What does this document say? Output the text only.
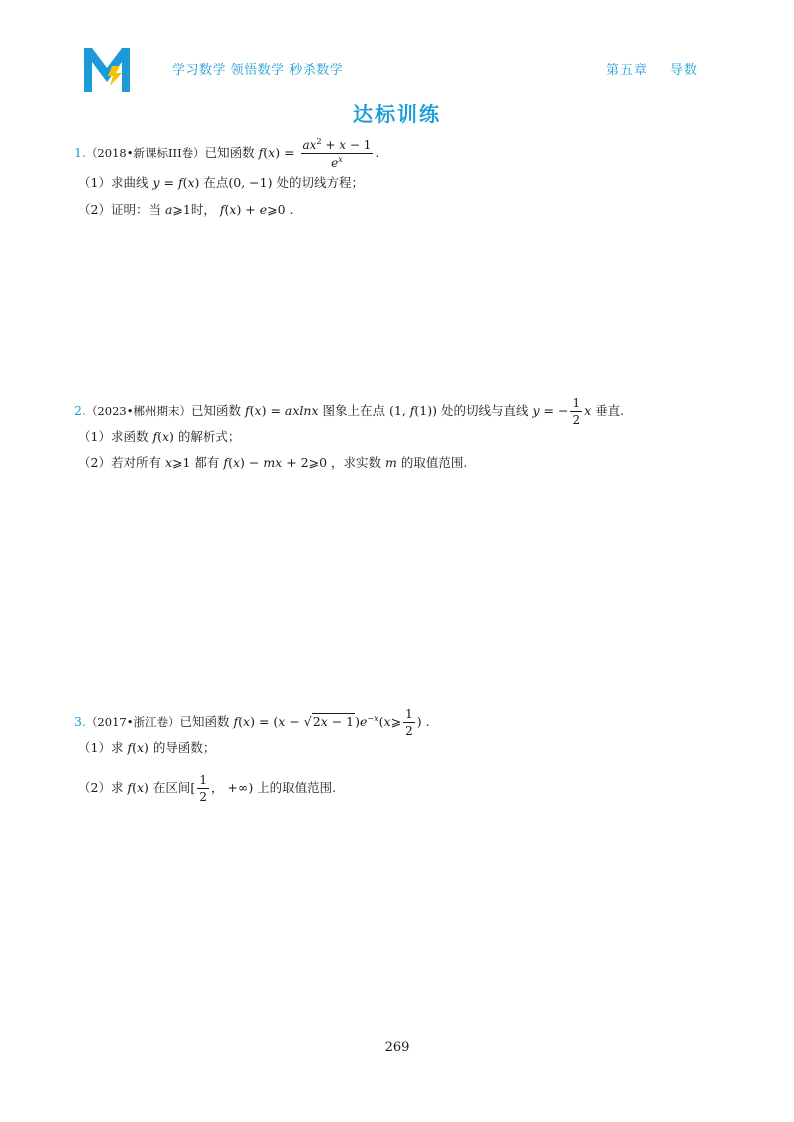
学习数学 领悟数学 秒杀数学	第五章 导数
达标训练
1.（2018•新课标III卷）已知函数 $f(x) = \frac{ax^2 + x - 1}{e^x}$ .
（1）求曲线 y = f(x) 在点(0, −1) 处的切线方程；
（2）证明：当 a⩾1时， f(x) + e⩾0 .
2.（2023•郴州期末）已知函数 f(x) = axlnx 图象上在点 (1, f(1)) 处的切线与直线 y = − $\frac{1}{2}$ x 垂直.
（1）求函数 f(x) 的解析式；
（2）若对所有 x⩾1 都有 f(x) − mx + 2⩾0 ，求实数 m 的取值范围.
3.（2017•浙江卷）已知函数 $f(x) = (x - √2x - 1)e^{-x}(x⩾ \frac{1}{2}$ ) .
（1）求 f(x) 的导函数；
（2）求 f(x) 在区间[ $\frac{1}{2}$ ， +∞) 上的取值范围.
269
